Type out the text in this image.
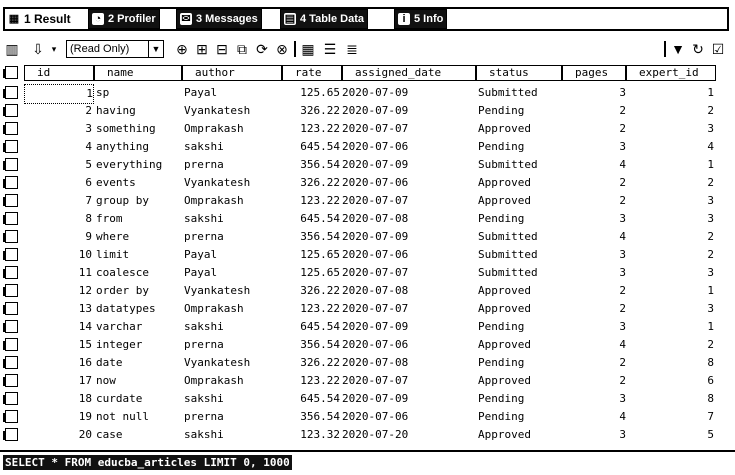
▦ 1 Result ◔ 2 Profiler ✉ 3 Messages ▤ 4 Table Data	i 5 Info
▥ ⇩ ▾	(Read Only)	▼ ⊕ ⊞ ⊟ ⧉ ⟳ ⊗ ▦ ☰ ≣	▼ ↻ ☑
id	name	author	rate	assigned_date	status	pages	expert_id
1 sp	Payal	125.65 2020-07-09	Submitted	3	1
2 having	Vyankatesh	326.22 2020-07-09	Pending	2	2
3 something	Omprakash	123.22 2020-07-07	Approved	2	3
4 anything	sakshi	645.54 2020-07-06	Pending	3	4
5 everything	prerna	356.54 2020-07-09	Submitted	4	1
6 events	Vyankatesh	326.22 2020-07-06	Approved	2	2
7 group by	Omprakash	123.22 2020-07-07	Approved	2	3
8 from	sakshi	645.54 2020-07-08	Pending	3	3
9 where	prerna	356.54 2020-07-09	Submitted	4	2
10 limit	Payal	125.65 2020-07-06	Submitted	3	2
11 coalesce	Payal	125.65 2020-07-07	Submitted	3	3
12 order by	Vyankatesh	326.22 2020-07-08	Approved	2	1
13 datatypes	Omprakash	123.22 2020-07-07	Approved	2	3
14 varchar	sakshi	645.54 2020-07-09	Pending	3	1
15 integer	prerna	356.54 2020-07-06	Approved	4	2
16 date	Vyankatesh	326.22 2020-07-08	Pending	2	8
17 now	Omprakash	123.22 2020-07-07	Approved	2	6
18 curdate	sakshi	645.54 2020-07-09	Pending	3	8
19 not null	prerna	356.54 2020-07-06	Pending	4	7
20 case	sakshi	123.32 2020-07-20	Approved	3	5
SELECT * FROM educba_articles LIMIT 0, 1000
